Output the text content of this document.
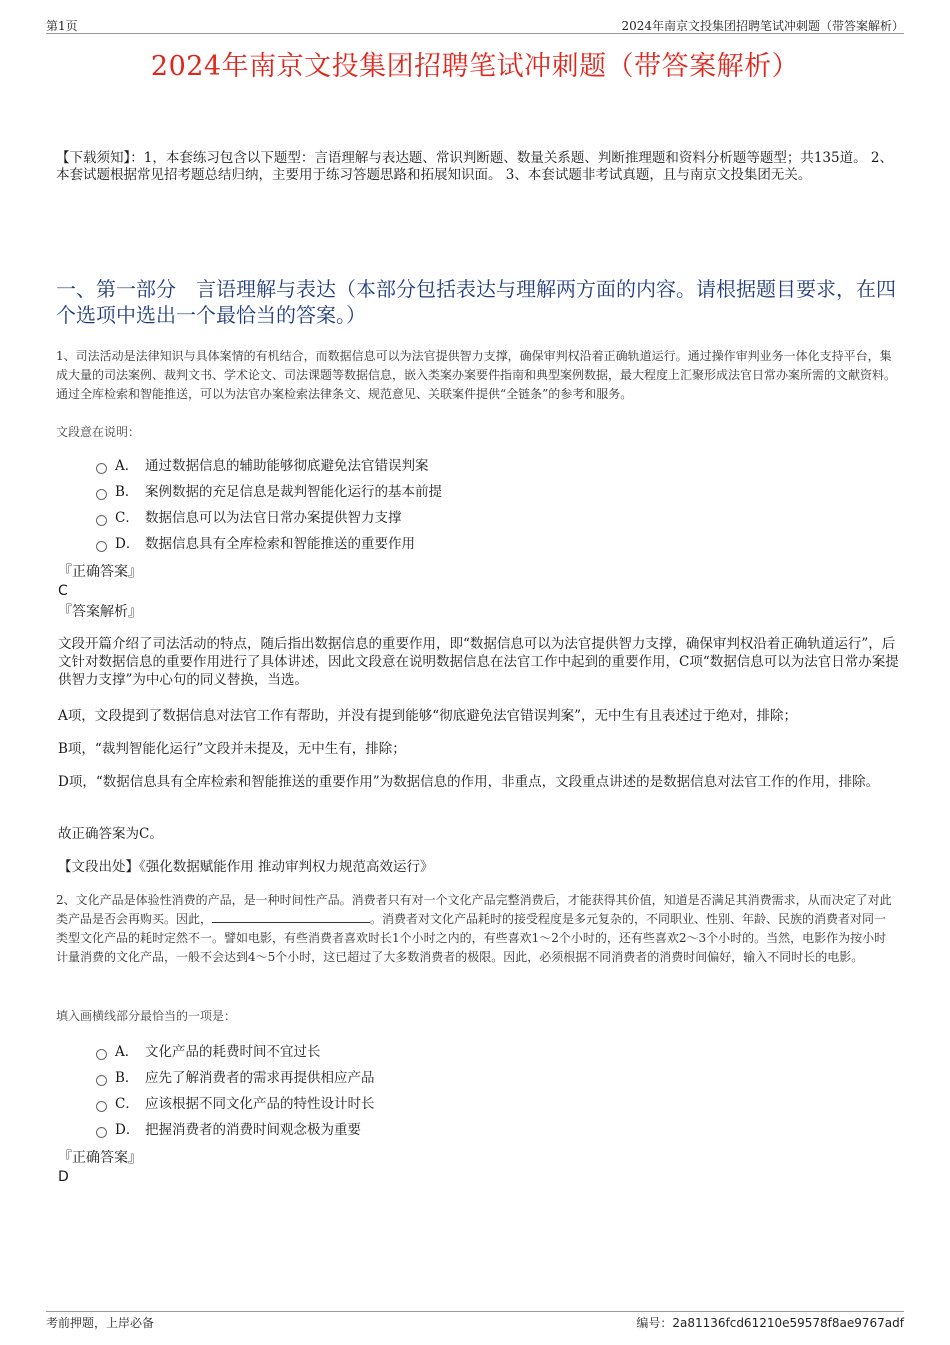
第1页	2024年南京文投集团招聘笔试冲刺题（带答案解析）
2024年南京文投集团招聘笔试冲刺题（带答案解析）
【下载须知】：1，本套练习包含以下题型：言语理解与表达题、常识判断题、数量关系题、判断推理题和资料分析题等题型；共135道。 2、本套试题根据常见招考题总结归纳，主要用于练习答题思路和拓展知识面。 3、本套试题非考试真题，且与南京文投集团无关。
一、第一部分　言语理解与表达（本部分包括表达与理解两方面的内容。请根据题目要求，在四个选项中选出一个最恰当的答案。）
1、司法活动是法律知识与具体案情的有机结合，而数据信息可以为法官提供智力支撑，确保审判权沿着正确轨道运行。通过操作审判业务一体化支持平台，集成大量的司法案例、裁判文书、学术论文、司法课题等数据信息，嵌入类案办案要件指南和典型案例数据，最大程度上汇聚形成法官日常办案所需的文献资料。通过全库检索和智能推送，可以为法官办案检索法律条文、规范意见、关联案件提供“全链条”的参考和服务。
文段意在说明：
A． 通过数据信息的辅助能够彻底避免法官错误判案
B． 案例数据的充足信息是裁判智能化运行的基本前提
C． 数据信息可以为法官日常办案提供智力支撑
D． 数据信息具有全库检索和智能推送的重要作用
『正确答案』
C
『答案解析』
文段开篇介绍了司法活动的特点，随后指出数据信息的重要作用，即“数据信息可以为法官提供智力支撑，确保审判权沿着正确轨道运行”，后文针对数据信息的重要作用进行了具体讲述，因此文段意在说明数据信息在法官工作中起到的重要作用，C项“数据信息可以为法官日常办案提供智力支撑”为中心句的同义替换，当选。
A项，文段提到了数据信息对法官工作有帮助，并没有提到能够“彻底避免法官错误判案”，无中生有且表述过于绝对，排除；
B项，“裁判智能化运行”文段并未提及，无中生有，排除；
D项，“数据信息具有全库检索和智能推送的重要作用”为数据信息的作用，非重点，文段重点讲述的是数据信息对法官工作的作用，排除。
故正确答案为C。
【文段出处】《强化数据赋能作用 推动审判权力规范高效运行》
2、文化产品是体验性消费的产品，是一种时间性产品。消费者只有对一个文化产品完整消费后，才能获得其价值，知道是否满足其消费需求，从而决定了对此类产品是否会再购买。因此，	。消费者对文化产品耗时的接受程度是多元复杂的，不同职业、性别、年龄、民族的消费者对同一类型文化产品的耗时定然不一。譬如电影，有些消费者喜欢时长1个小时之内的，有些喜欢1～2个小时的，还有些喜欢2～3个小时的。当然，电影作为按小时计量消费的文化产品，一般不会达到4～5个小时，这已超过了大多数消费者的极限。因此，必须根据不同消费者的消费时间偏好，输入不同时长的电影。
填入画横线部分最恰当的一项是：
A． 文化产品的耗费时间不宜过长
B． 应先了解消费者的需求再提供相应产品
C． 应该根据不同文化产品的特性设计时长
D． 把握消费者的消费时间观念极为重要
『正确答案』
D
考前押题，上岸必备	编号：2a81136fcd61210e59578f8ae9767adf
